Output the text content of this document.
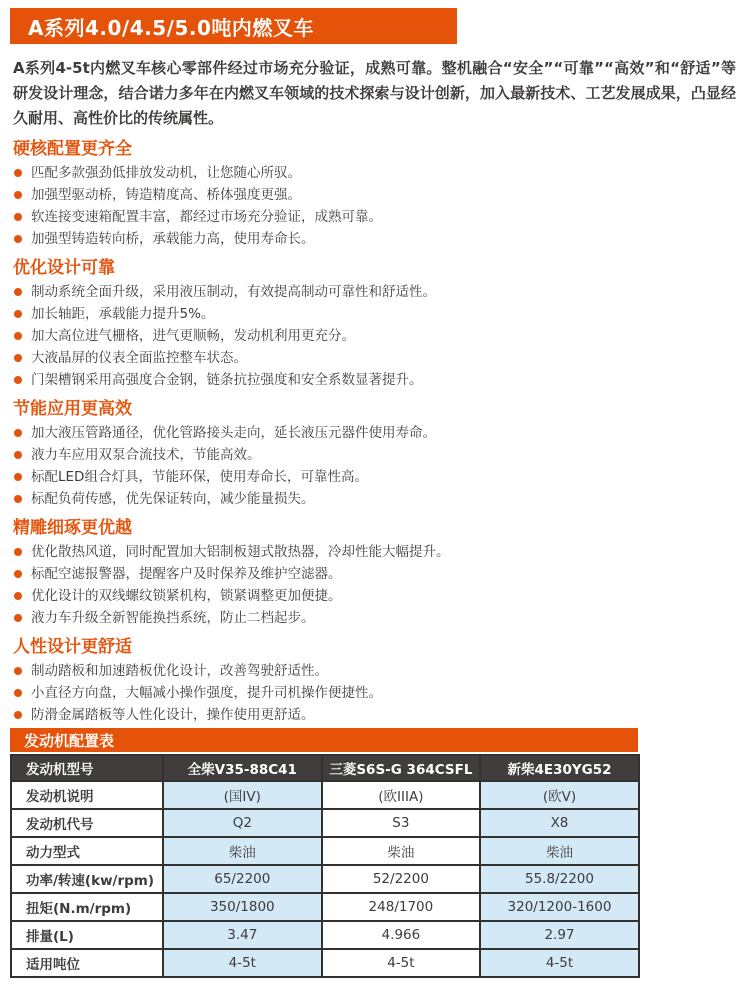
A系列4.0/4.5/5.0吨内燃叉车

A系列4-5t内燃叉车核心零部件经过市场充分验证，成熟可靠。整机融合“安全”“可靠”“高效”和“舒适”等研发设计理念，结合诺力多年在内燃叉车领域的技术探索与设计创新，加入最新技术、工艺发展成果，凸显经久耐用、高性价比的传统属性。

硬核配置更齐全
匹配多款强劲低排放发动机，让您随心所驭。
加强型驱动桥，铸造精度高、桥体强度更强。
软连接变速箱配置丰富，都经过市场充分验证，成熟可靠。
加强型铸造转向桥，承载能力高，使用寿命长。
优化设计可靠
制动系统全面升级，采用液压制动，有效提高制动可靠性和舒适性。
加长轴距，承载能力提升5%。
加大高位进气栅格，进气更顺畅，发动机利用更充分。
大液晶屏的仪表全面监控整车状态。
门架槽钢采用高强度合金钢，链条抗拉强度和安全系数显著提升。
节能应用更高效
加大液压管路通径，优化管路接头走向，延长液压元器件使用寿命。
液力车应用双泵合流技术，节能高效。
标配LED组合灯具，节能环保，使用寿命长，可靠性高。
标配负荷传感，优先保证转向，减少能量损失。
精雕细琢更优越
优化散热风道，同时配置加大铝制板翅式散热器，冷却性能大幅提升。
标配空滤报警器，提醒客户及时保养及维护空滤器。
优化设计的双线螺纹锁紧机构，锁紧调整更加便捷。
液力车升级全新智能换挡系统，防止二档起步。
人性设计更舒适
制动踏板和加速踏板优化设计，改善驾驶舒适性。
小直径方向盘，大幅减小操作强度，提升司机操作便捷性。
防滑金属踏板等人性化设计，操作使用更舒适。
发动机配置表
发动机型号	全柴V35-88C41	三菱S6S-G 364CSFL	新柴4E30YG52
发动机说明	(国IV)	(欧IIIA)	(欧V)
发动机代号	Q2	S3	X8
动力型式	柴油	柴油	柴油
功率/转速(kw/rpm)	65/2200	52/2200	55.8/2200
扭矩(N.m/rpm)	350/1800	248/1700	320/1200-1600
排量(L)	3.47	4.966	2.97
适用吨位	4-5t	4-5t	4-5t
